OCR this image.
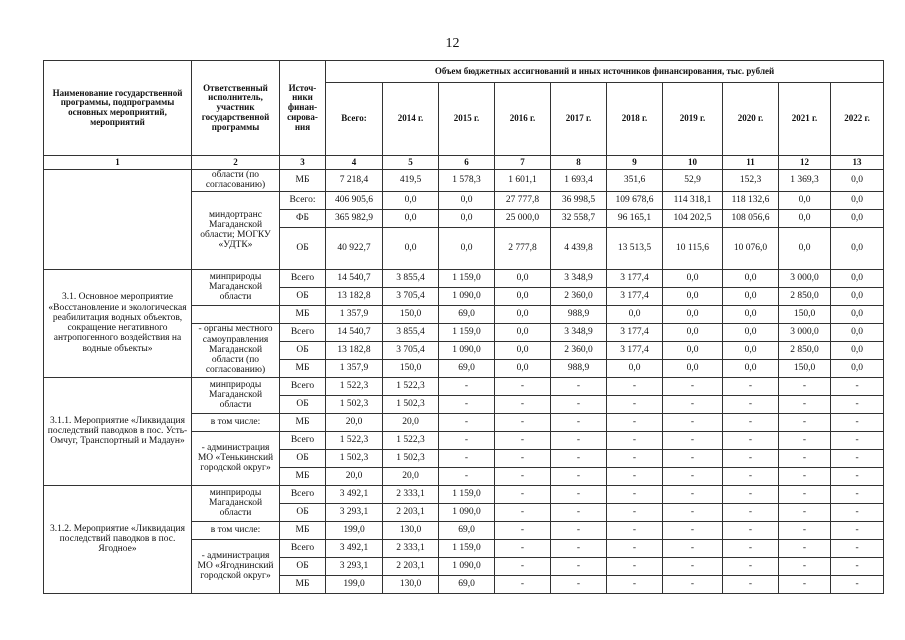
12
Наименование государственной программы, подпрограммы основных мероприятий, мероприятий	Ответственный исполнитель, участник государственной программы	Источ-ники финан-сирова-ния	Объем бюджетных ассигнований и иных источников финансирования, тыс. рублей									
			Всего:	2014 г.	2015 г.	2016 г.	2017 г.	2018 г.	2019 г.	2020 г.	2021 г.	2022 г.
1	2	3	4	5	6	7	8	9	10	11	12	13
	области (по согласованию)	МБ	7 218,4	419,5	1 578,3	1 601,1	1 693,4	351,6	52,9	152,3	1 369,3	0,0
	миндортранс Магаданской области; МОГКУ «УДТК»	Всего:	406 905,6	0,0	0,0	27 777,8	36 998,5	109 678,6	114 318,1	118 132,6	0,0	0,0
		ФБ	365 982,9	0,0	0,0	25 000,0	32 558,7	96 165,1	104 202,5	108 056,6	0,0	0,0
		ОБ	40 922,7	0,0	0,0	2 777,8	4 439,8	13 513,5	10 115,6	10 076,0	0,0	0,0
3.1. Основное мероприятие «Восстановление и экологическая реабилитация водных объектов, сокращение негативного антропогенного воздействия на водные объекты»	минприроды Магаданской области	Всего	14 540,7	3 855,4	1 159,0	0,0	3 348,9	3 177,4	0,0	0,0	3 000,0	0,0
		ОБ	13 182,8	3 705,4	1 090,0	0,0	2 360,0	3 177,4	0,0	0,0	2 850,0	0,0
		МБ	1 357,9	150,0	69,0	0,0	988,9	0,0	0,0	0,0	150,0	0,0
	- органы местного самоуправления Магаданской области (по согласованию)	Всего	14 540,7	3 855,4	1 159,0	0,0	3 348,9	3 177,4	0,0	0,0	3 000,0	0,0
		ОБ	13 182,8	3 705,4	1 090,0	0,0	2 360,0	3 177,4	0,0	0,0	2 850,0	0,0
		МБ	1 357,9	150,0	69,0	0,0	988,9	0,0	0,0	0,0	150,0	0,0
3.1.1. Мероприятие «Ликвидация последствий паводков в пос. Усть-Омчуг, Транспортный и Мадаун»	минприроды Магаданской области	Всего	1 522,3	1 522,3	-	-	-	-	-	-	-	-
		ОБ	1 502,3	1 502,3	-	-	-	-	-	-	-	-
	в том числе:	МБ	20,0	20,0	-	-	-	-	-	-	-	-
	- администрация МО «Тенькинский городской округ»	Всего	1 522,3	1 522,3	-	-	-	-	-	-	-	-
		ОБ	1 502,3	1 502,3	-	-	-	-	-	-	-	-
		МБ	20,0	20,0	-	-	-	-	-	-	-	-
3.1.2. Мероприятие «Ликвидация последствий паводков в пос. Ягодное»	минприроды Магаданской области	Всего	3 492,1	2 333,1	1 159,0	-	-	-	-	-	-	-
		ОБ	3 293,1	2 203,1	1 090,0	-	-	-	-	-	-	-
	в том числе:	МБ	199,0	130,0	69,0	-	-	-	-	-	-	-
	- администрация МО «Ягоднинский городской округ»	Всего	3 492,1	2 333,1	1 159,0	-	-	-	-	-	-	-
		ОБ	3 293,1	2 203,1	1 090,0	-	-	-	-	-	-	-
		МБ	199,0	130,0	69,0	-	-	-	-	-	-	-
